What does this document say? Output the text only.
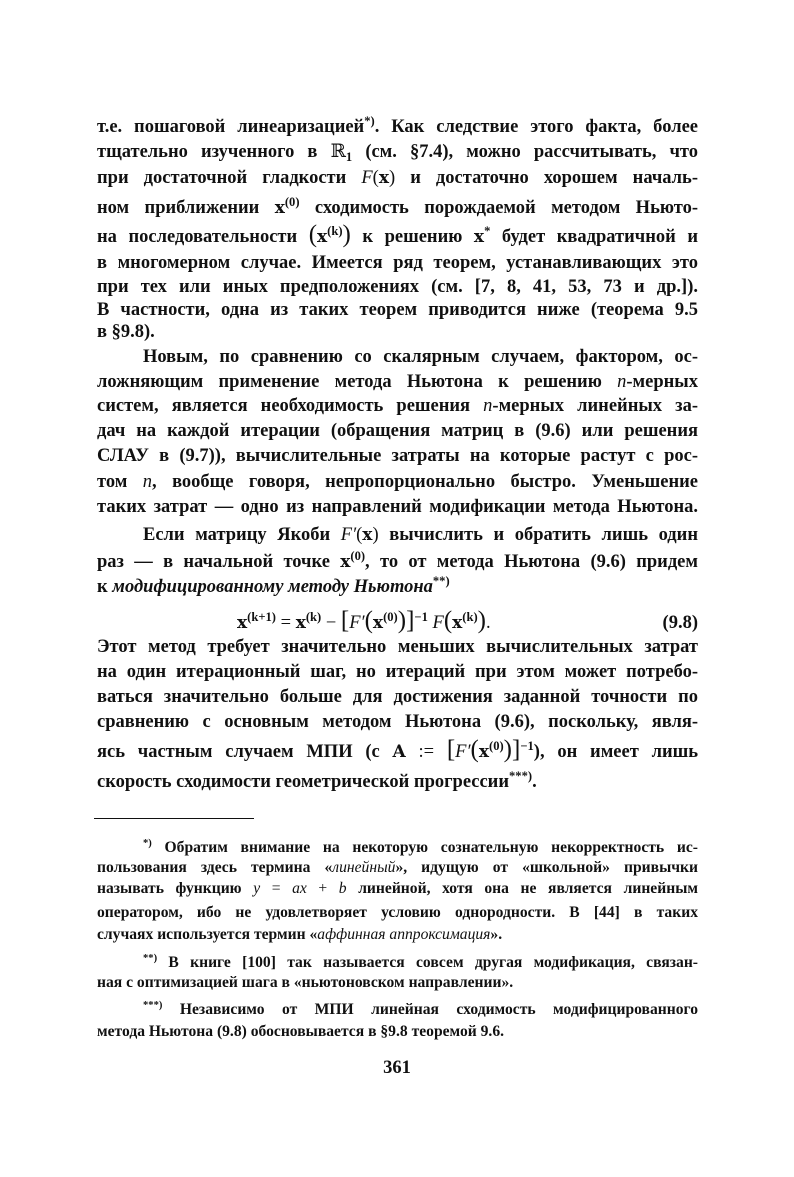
т.е. пошаговой линеаризацией*). Как следствие этого факта, более
тщательно изученного в ℝ$_1$ (см. §7.4), можно рассчитывать, что
при достаточной гладкости F(x) и достаточно хорошем началь-
ном приближении $x^{(0)}$ сходимость порождаемой методом Ньюто-
на последовательности $(x^{(k)})$ к решению x* будет квадратичной и
в многомерном случае. Имеется ряд теорем, устанавливающих это
при тех или иных предположениях (см. [7, 8, 41, 53, 73 и др.]).
В частности, одна из таких теорем приводится ниже (теорема 9.5
в §9.8).
Новым, по сравнению со скалярным случаем, фактором, ос-
ложняющим применение метода Ньютона к решению n-мерных
систем, является необходимость решения n-мерных линейных за-
дач на каждой итерации (обращения матриц в (9.6) или решения
СЛАУ в (9.7)), вычислительные затраты на которые растут с рос-
том n, вообще говоря, непропорционально быстро. Уменьшение
таких затрат — одно из направлений модификации метода Ньютона.
Если матрицу Якоби F′(x) вычислить и обратить лишь один
раз — в начальной точке $x^{(0)}$, то от метода Ньютона (9.6) придем
к модифицированному методу Ньютона**)
Этот метод требует значительно меньших вычислительных затрат
на один итерационный шаг, но итераций при этом может потребо-
ваться значительно больше для достижения заданной точности по
сравнению с основным методом Ньютона (9.6), поскольку, явля-
ясь частным случаем МПИ (с A := $[F'(x^{(0)})]^{-1}$), он имеет лишь
скорость сходимости геометрической прогрессии***).
$x^{(k+1)} = x^{(k)} - [F'(x^{(0)})]^{-1}$ $F(x^{(k)})$.	(9.8)
*) Обратим внимание на некоторую сознательную некорректность ис-
пользования здесь термина «линейный», идущую от «школьной» привычки
называть функцию y = ax + b линейной, хотя она не является линейным
оператором, ибо не удовлетворяет условию однородности. В [44] в таких
случаях используется термин «аффинная аппроксимация».
**) В книге [100] так называется совсем другая модификация, связан-
ная с оптимизацией шага в «ньютоновском направлении».
***) Независимо от МПИ линейная сходимость модифицированного
метода Ньютона (9.8) обосновывается в §9.8 теоремой 9.6.
361
